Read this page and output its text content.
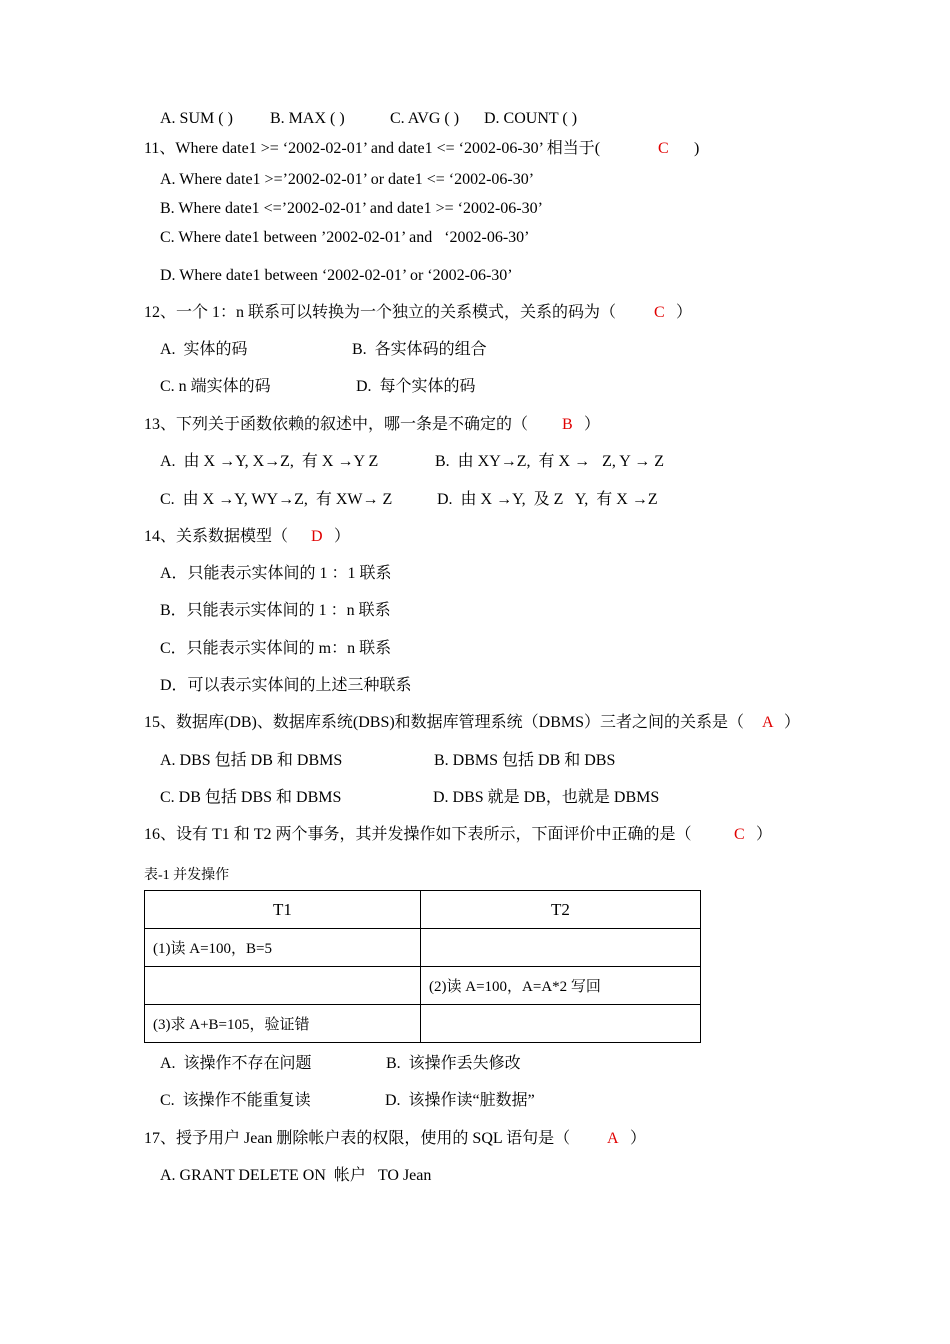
A. SUM ( ) B. MAX ( )	C. AVG ( ) D. COUNT ( )
11、Where date1 >= ‘2002-02-01’ and date1 <= ‘2002-06-30’ 相当于(	C )
A. Where date1 >=’2002-02-01’ or date1 <= ‘2002-06-30’
B. Where date1 <=’2002-02-01’ and date1 >= ‘2002-06-30’
C. Where date1 between ’2002-02-01’ and   ‘2002-06-30’
D. Where date1 between ‘2002-02-01’ or ‘2002-06-30’
12、一个 1：n 联系可以转换为一个独立的关系模式，关系的码为（ C ）
A.  实体的码	B.  各实体码的组合
C. n 端实体的码	D.  每个实体的码
13、下列关于函数依赖的叙述中，哪一条是不确定的（ B ）
A.  由 X →Y, X→Z,  有 X →Y Z	B.  由 XY→Z,  有 X →   Z, Y → Z
C.  由 X →Y, WY→Z,  有 XW→ Z	D.  由 X →Y,  及 Z   Y,  有 X →Z
14、关系数据模型（ D ）
A．只能表示实体间的 1 ：1 联系
B．只能表示实体间的 1 ：n 联系
C．只能表示实体间的 m：n 联系
D．可以表示实体间的上述三种联系
15、数据库(DB)、数据库系统(DBS)和数据库管理系统（DBMS）三者之间的关系是（ A ）
A. DBS 包括 DB 和 DBMS	B. DBMS 包括 DB 和 DBS
C. DB 包括 DBS 和 DBMS	D. DBS 就是 DB，也就是 DBMS
16、设有 T1 和 T2 两个事务，其并发操作如下表所示，下面评价中正确的是（	C ）
表-1 并发操作
T1	T2
(1)读 A=100，B=5	
	(2)读 A=100，A=A*2 写回
(3)求 A+B=105，验证错	
A.  该操作不存在问题	B.  该操作丢失修改
C.  该操作不能重复读	D.  该操作读“脏数据”
17、授予用户 Jean 删除帐户表的权限，使用的 SQL 语句是（ A ）
A. GRANT DELETE ON  帐户   TO Jean
